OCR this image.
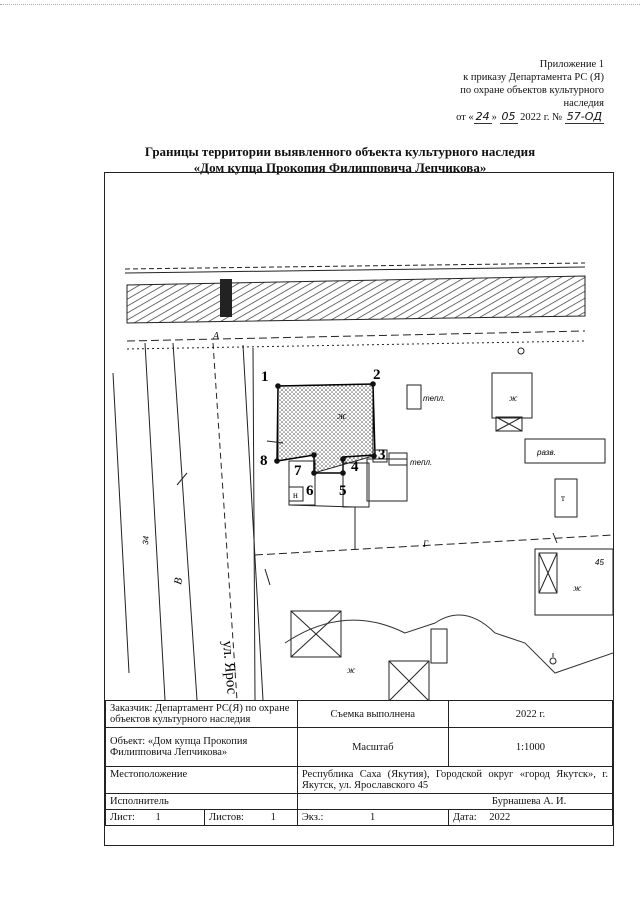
Приложение 1
к приказу Департамента РС (Я)
по охране объектов культурного
наследия
от « 24 » 05 2022 г. № 57-ОД
Границы территории выявленного объекта культурного наследия
«Дом купца Прокопия Филипповича Лепчикова»
А
В
ул. Ярос
34
ж
н
ж
ж
ж
т
45
тепл.
тепл.
разв.
Г
1	2
3
4
5
6
7
8
Заказчик: Департамент РС(Я) по охране объектов культурного наследия		Съемка выполнена	2022 г.
Объект: «Дом купца Прокопия Филипповича Лепчикова»		Масштаб	1:1000
Местоположение		Республика Саха (Якутия), Городской округ «город Якутск», г. Якутск, ул. Ярославского 45	
Исполнитель		Бурнашева А. И.	
Лист: 1	Листов: 1	Экз.: 1	Дата: 2022
